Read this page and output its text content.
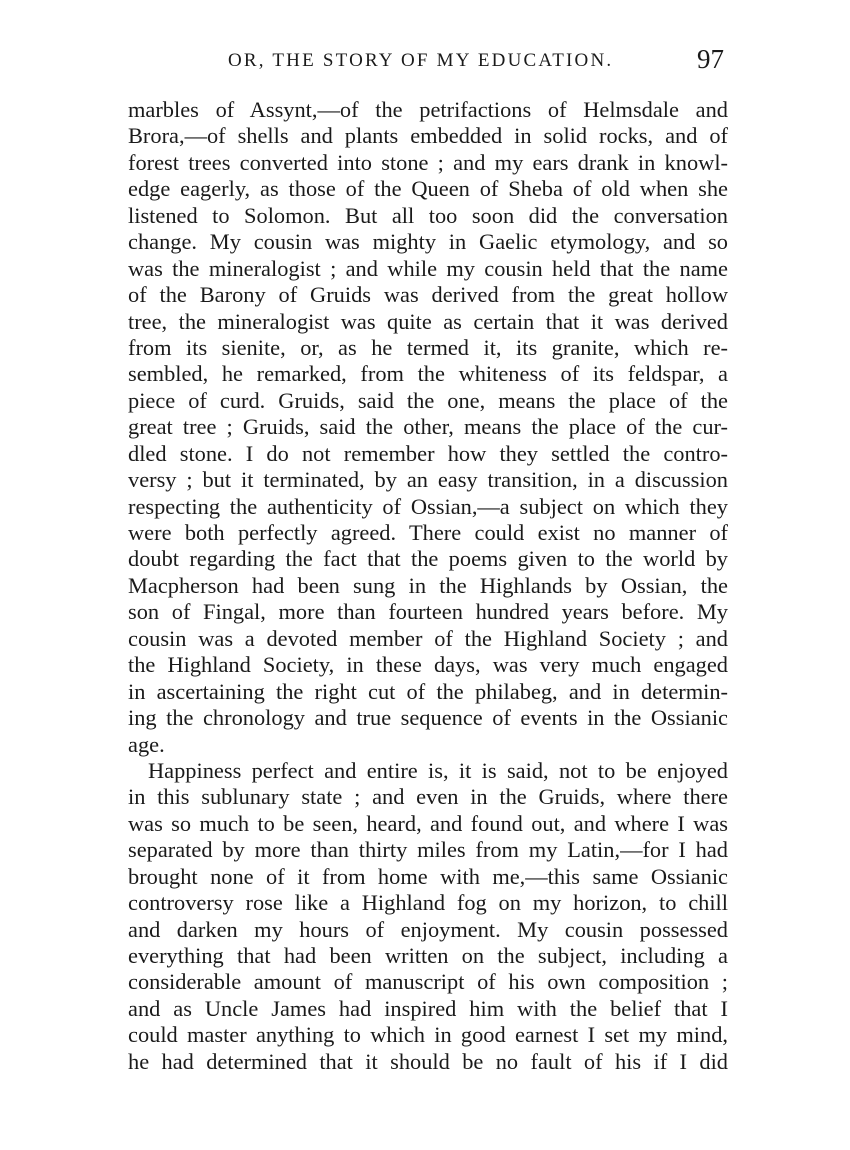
OR, THE STORY OF MY EDUCATION.	97
marbles of Assynt,—of the petrifactions of Helmsdale and
Brora,—of shells and plants embedded in solid rocks, and of
forest trees converted into stone ; and my ears drank in knowl-
edge eagerly, as those of the Queen of Sheba of old when she
listened to Solomon. But all too soon did the conversation
change. My cousin was mighty in Gaelic etymology, and so
was the mineralogist ; and while my cousin held that the name
of the Barony of Gruids was derived from the great hollow
tree, the mineralogist was quite as certain that it was derived
from its sienite, or, as he termed it, its granite, which re-
sembled, he remarked, from the whiteness of its feldspar, a
piece of curd. Gruids, said the one, means the place of the
great tree ; Gruids, said the other, means the place of the cur-
dled stone. I do not remember how they settled the contro-
versy ; but it terminated, by an easy transition, in a discussion
respecting the authenticity of Ossian,—a subject on which they
were both perfectly agreed. There could exist no manner of
doubt regarding the fact that the poems given to the world by
Macpherson had been sung in the Highlands by Ossian, the
son of Fingal, more than fourteen hundred years before. My
cousin was a devoted member of the Highland Society ; and
the Highland Society, in these days, was very much engaged
in ascertaining the right cut of the philabeg, and in determin-
ing the chronology and true sequence of events in the Ossianic
age.
Happiness perfect and entire is, it is said, not to be enjoyed
in this sublunary state ; and even in the Gruids, where there
was so much to be seen, heard, and found out, and where I was
separated by more than thirty miles from my Latin,—for I had
brought none of it from home with me,—this same Ossianic
controversy rose like a Highland fog on my horizon, to chill
and darken my hours of enjoyment. My cousin possessed
everything that had been written on the subject, including a
considerable amount of manuscript of his own composition ;
and as Uncle James had inspired him with the belief that I
could master anything to which in good earnest I set my mind,
he had determined that it should be no fault of his if I did
